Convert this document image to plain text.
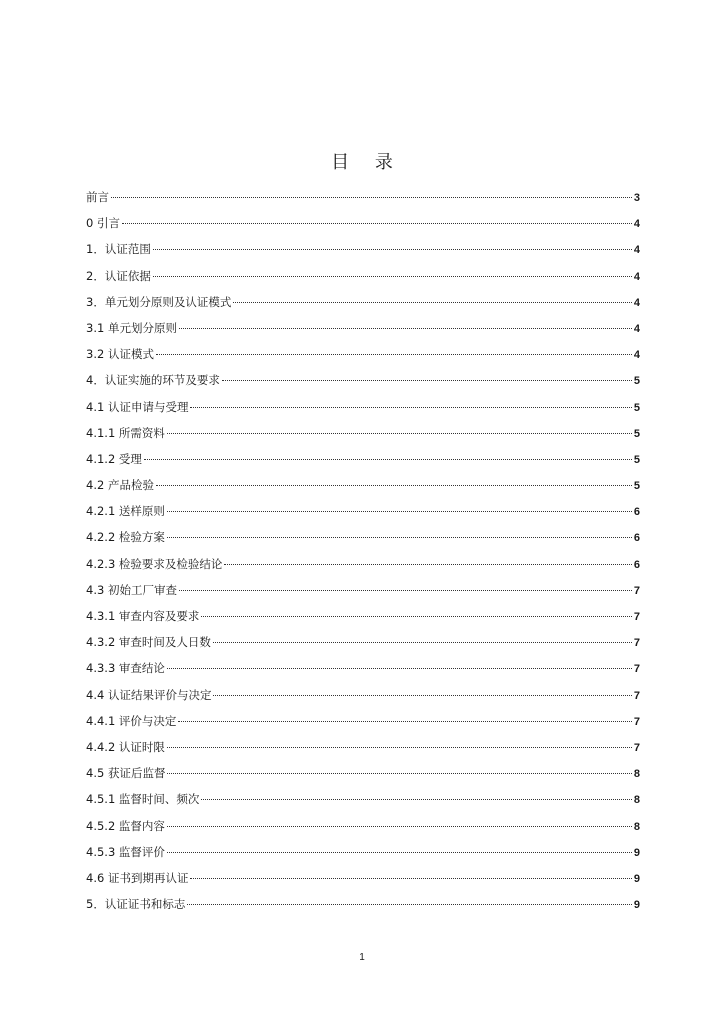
目 录
前言	3
0 引言	4
1．认证范围	4
2．认证依据	4
3．单元划分原则及认证模式	4
3.1 单元划分原则	4
3.2 认证模式	4
4．认证实施的环节及要求	5
4.1 认证申请与受理	5
4.1.1 所需资料	5
4.1.2 受理	5
4.2 产品检验	5
4.2.1 送样原则	6
4.2.2 检验方案	6
4.2.3 检验要求及检验结论	6
4.3 初始工厂审查	7
4.3.1 审查内容及要求	7
4.3.2 审查时间及人日数	7
4.3.3 审查结论	7
4.4 认证结果评价与决定	7
4.4.1 评价与决定	7
4.4.2 认证时限	7
4.5 获证后监督	8
4.5.1 监督时间、频次	8
4.5.2 监督内容	8
4.5.3 监督评价	9
4.6 证书到期再认证	9
5．认证证书和标志	9
1
